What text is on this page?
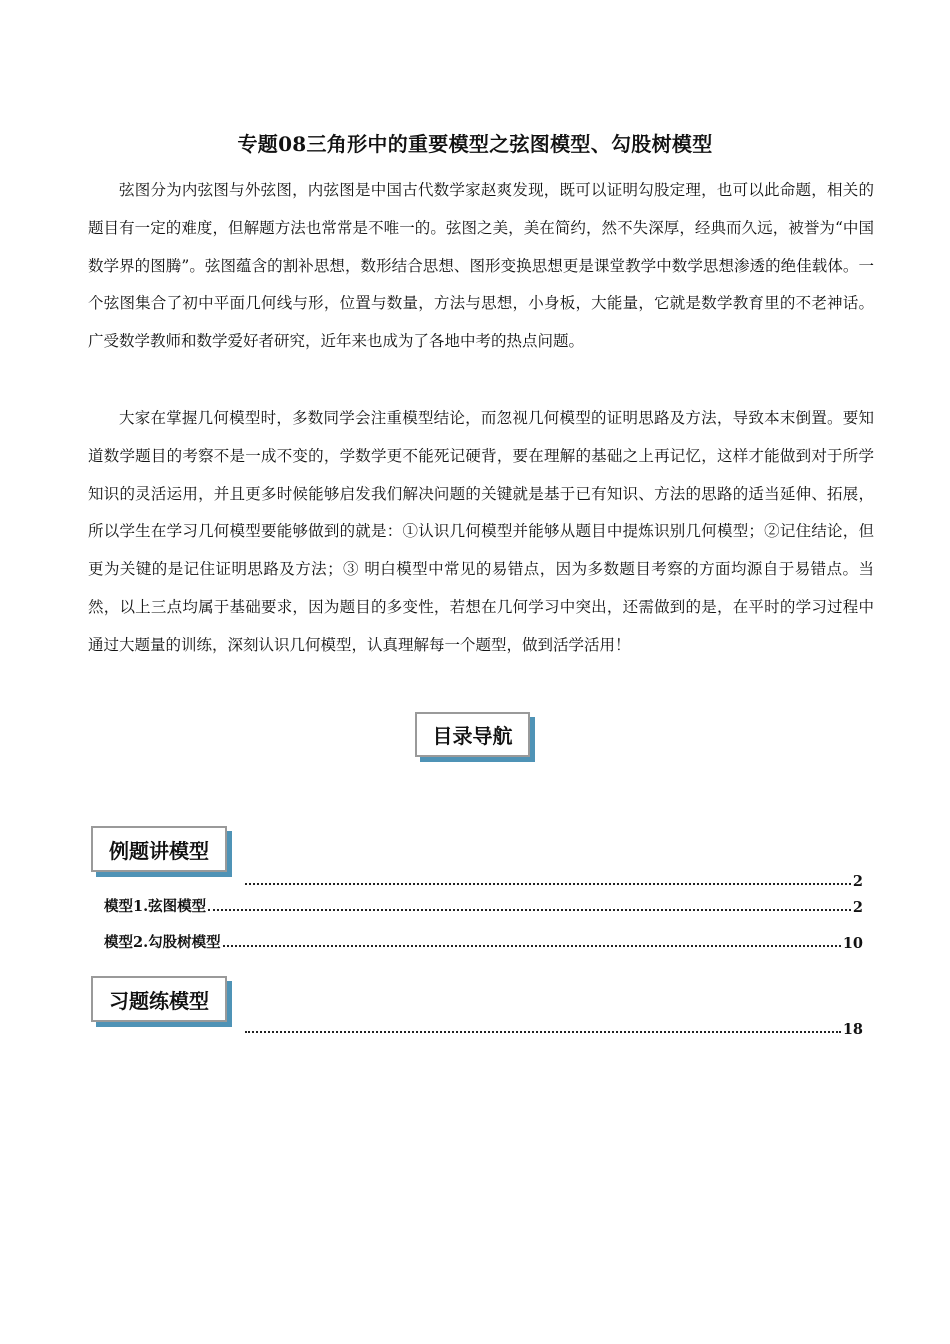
专题08三角形中的重要模型之弦图模型、勾股树模型

弦图分为内弦图与外弦图，内弦图是中国古代数学家赵爽发现，既可以证明勾股定理，也可以此命题，相关的题目有一定的难度，但解题方法也常常是不唯一的。弦图之美，美在简约，然不失深厚，经典而久远，被誉为“中国数学界的图腾”。弦图蕴含的割补思想，数形结合思想、图形变换思想更是课堂教学中数学思想渗透的绝佳载体。一个弦图集合了初中平面几何线与形，位置与数量，方法与思想，小身板，大能量，它就是数学教育里的不老神话。广受数学教师和数学爱好者研究，近年来也成为了各地中考的热点问题。

大家在掌握几何模型时，多数同学会注重模型结论，而忽视几何模型的证明思路及方法，导致本末倒置。要知道数学题目的考察不是一成不变的，学数学更不能死记硬背，要在理解的基础之上再记忆，这样才能做到对于所学知识的灵活运用，并且更多时候能够启发我们解决问题的关键就是基于已有知识、方法的思路的适当延伸、拓展，所以学生在学习几何模型要能够做到的就是：①认识几何模型并能够从题目中提炼识别几何模型；②记住结论，但更为关键的是记住证明思路及方法；③ 明白模型中常见的易错点，因为多数题目考察的方面均源自于易错点。当然，以上三点均属于基础要求，因为题目的多变性，若想在几何学习中突出，还需做到的是，在平时的学习过程中通过大题量的训练，深刻认识几何模型，认真理解每一个题型，做到活学活用！

目录导航
例题讲模型
2
模型1.弦图模型	2
模型2.勾股树模型	10
习题练模型
18
